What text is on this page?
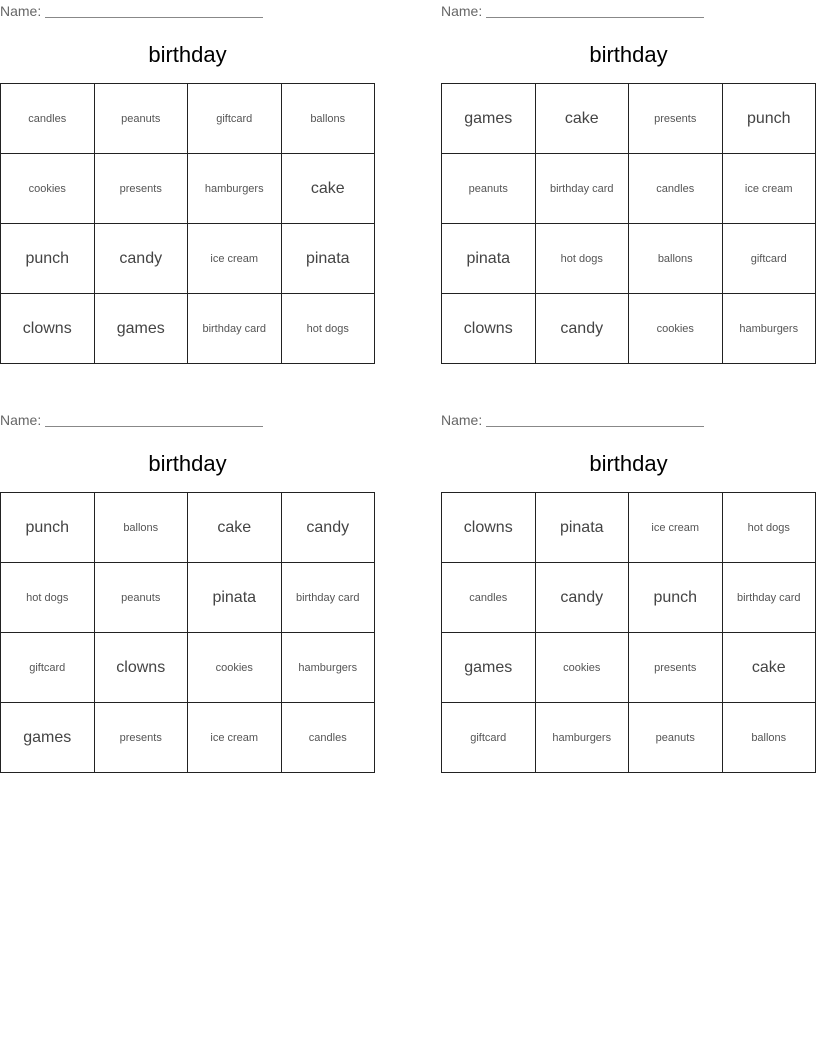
Name:
birthday
candles	peanuts	giftcard	ballons
cookies	presents	hamburgers	cake
punch	candy	ice cream	pinata
clowns	games	birthday card	hot dogs
Name:
birthday
games	cake	presents	punch
peanuts	birthday card	candles	ice cream
pinata	hot dogs	ballons	giftcard
clowns	candy	cookies	hamburgers
Name:
birthday
punch	ballons	cake	candy
hot dogs	peanuts	pinata	birthday card
giftcard	clowns	cookies	hamburgers
games	presents	ice cream	candles
Name:
birthday
clowns	pinata	ice cream	hot dogs
candles	candy	punch	birthday card
games	cookies	presents	cake
giftcard	hamburgers	peanuts	ballons
